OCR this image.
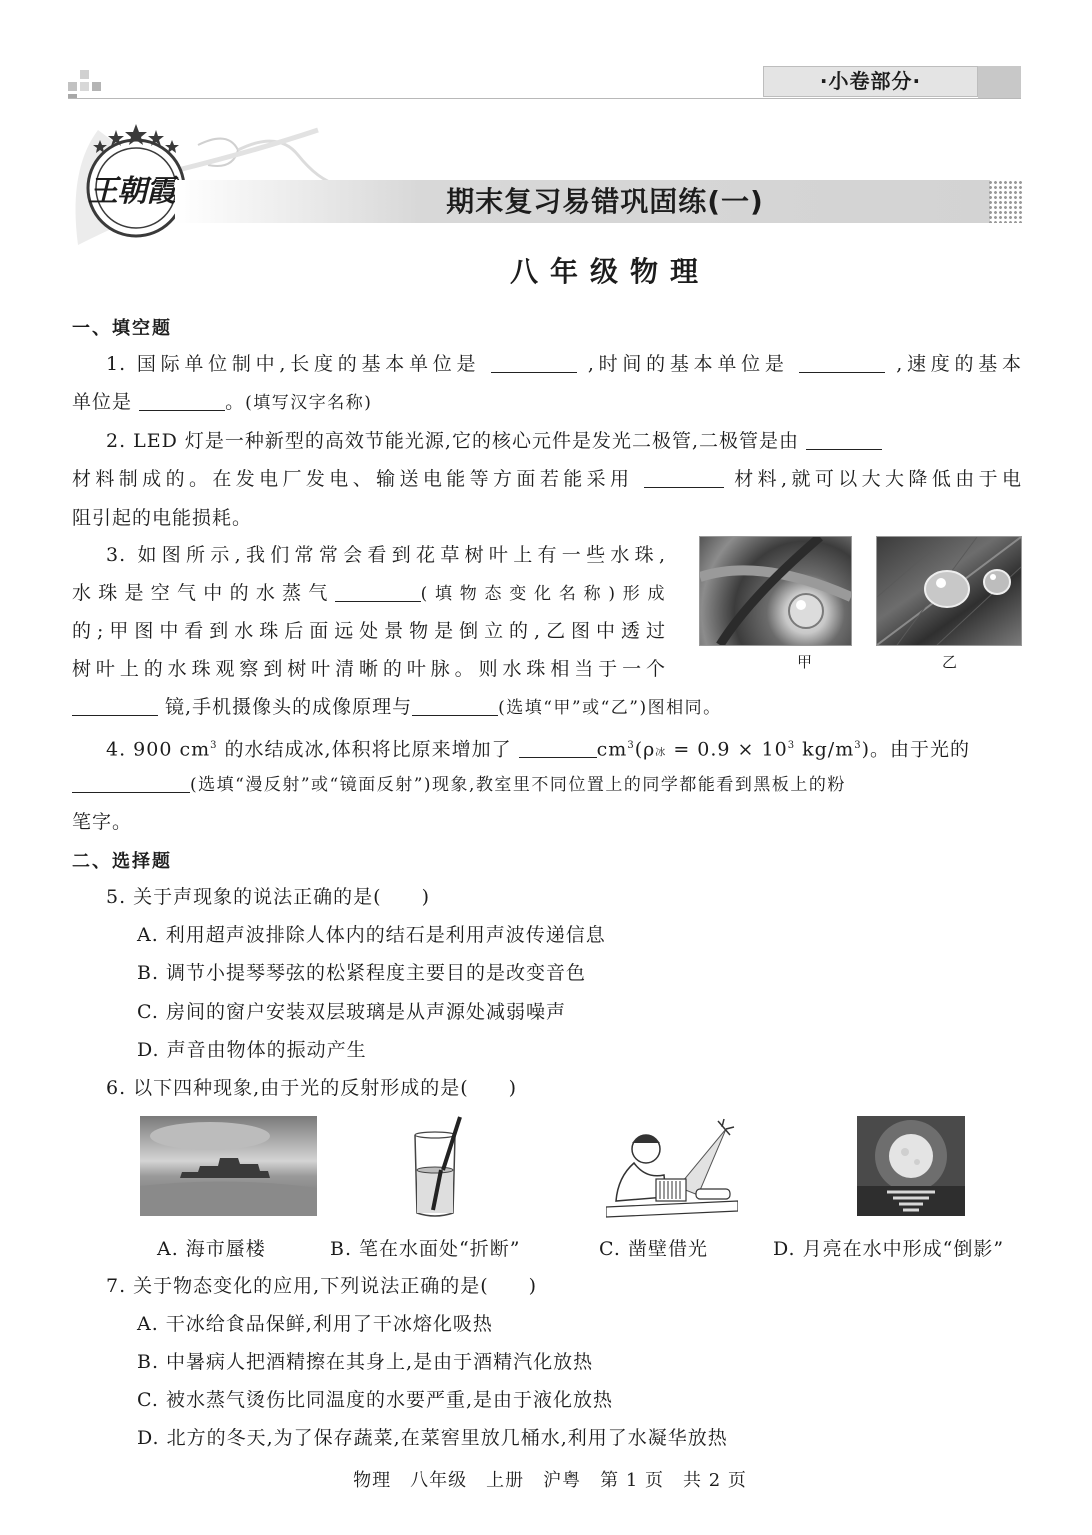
·小卷部分·
王朝霞	期末复习易错巩固练(一)
八年级物理
一、填空题
1. 国际单位制中,长度的基本单位是	,时间的基本单位是	,速度的基本
单位是	。(填写汉字名称)
2. LED 灯是一种新型的高效节能光源,它的核心元件是发光二极管,二极管是由
材料制成的。在发电厂发电、输送电能等方面若能采用	材料,就可以大大降低由于电
阻引起的电能损耗。
3. 如图所示,我们常常会看到花草树叶上有一些水珠,
水珠是空气中的水蒸气	(填物态变化名称)形成
的;甲图中看到水珠后面远处景物是倒立的,乙图中透过
树叶上的水珠观察到树叶清晰的叶脉。则水珠相当于一个
镜,手机摄像头的成像原理与	(选填“甲”或“乙”)图相同。
甲	乙
4. 900 $cm^3$ 的水结成冰,体积将比原来增加了	$cm^3(\rho$冰 = $0.9 \times 10^3$ $kg/m^3$)。由于光的
(选填“漫反射”或“镜面反射”)现象,教室里不同位置上的同学都能看到黑板上的粉
笔字。
二、选择题
5. 关于声现象的说法正确的是(　　)
A. 利用超声波排除人体内的结石是利用声波传递信息
B. 调节小提琴琴弦的松紧程度主要目的是改变音色
C. 房间的窗户安装双层玻璃是从声源处减弱噪声
D. 声音由物体的振动产生
6. 以下四种现象,由于光的反射形成的是(　　)
A. 海市蜃楼	B. 笔在水面处“折断”	C. 凿壁借光	D. 月亮在水中形成“倒影”
7. 关于物态变化的应用,下列说法正确的是(　　)
A. 干冰给食品保鲜,利用了干冰熔化吸热
B. 中暑病人把酒精擦在其身上,是由于酒精汽化放热
C. 被水蒸气烫伤比同温度的水要严重,是由于液化放热
D. 北方的冬天,为了保存蔬菜,在菜窖里放几桶水,利用了水凝华放热
物理　八年级　上册　沪粤　第 1 页　共 2 页
